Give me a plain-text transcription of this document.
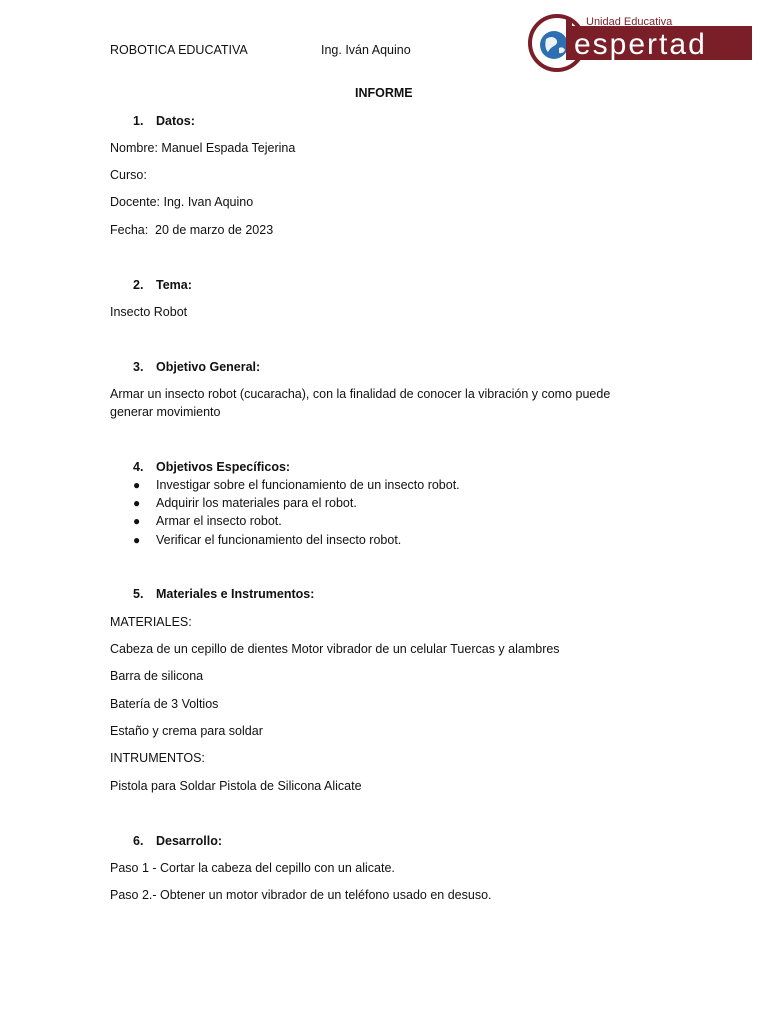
ROBOTICA EDUCATIVA	Ing. Iván Aquino
Unidad Educativa
espertad
INFORME
1. Datos:
Nombre: Manuel Espada Tejerina
Curso:
Docente: Ing. Ivan Aquino
Fecha: 20 de marzo de 2023
2. Tema:
Insecto Robot
3. Objetivo General:
Armar un insecto robot (cucaracha), con la finalidad de conocer la vibración y como puede
generar movimiento
4. Objetivos Específicos:
● Investigar sobre el funcionamiento de un insecto robot.
● Adquirir los materiales para el robot.
● Armar el insecto robot.
● Verificar el funcionamiento del insecto robot.
5. Materiales e Instrumentos:
MATERIALES:
Cabeza de un cepillo de dientes Motor vibrador de un celular Tuercas y alambres
Barra de silicona
Batería de 3 Voltios
Estaño y crema para soldar
INTRUMENTOS:
Pistola para Soldar Pistola de Silicona Alicate
6. Desarrollo:
Paso 1 - Cortar la cabeza del cepillo con un alicate.
Paso 2.- Obtener un motor vibrador de un teléfono usado en desuso.
